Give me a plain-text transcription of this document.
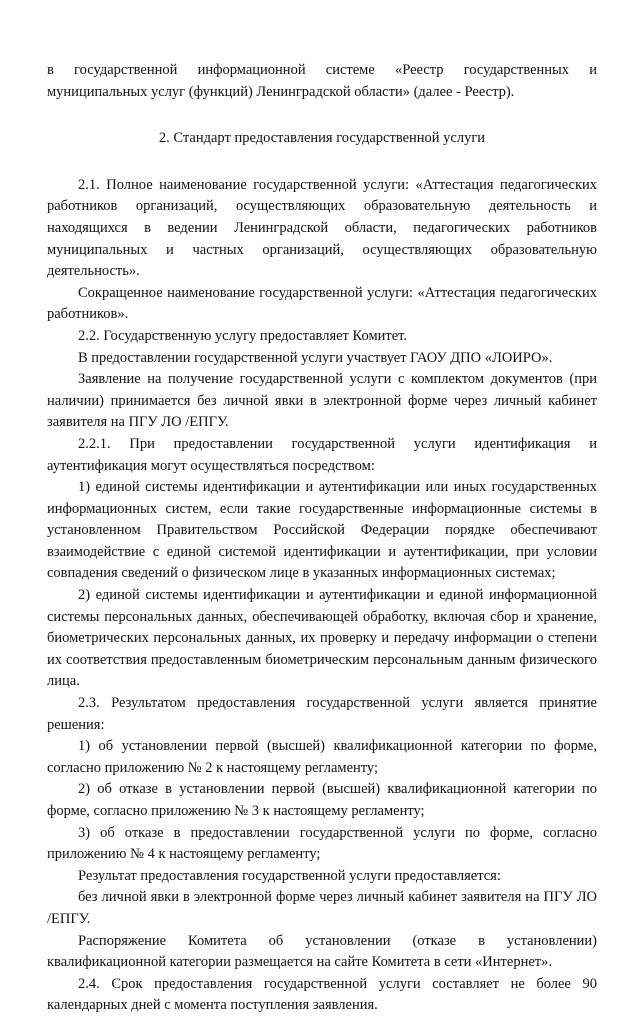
в государственной информационной системе «Реестр государственных и муниципальных услуг (функций) Ленинградской области» (далее - Реестр).

2. Стандарт предоставления государственной услуги

2.1. Полное наименование государственной услуги: «Аттестация педагогических работников организаций, осуществляющих образовательную деятельность и находящихся в ведении Ленинградской области, педагогических работников муниципальных и частных организаций, осуществляющих образовательную деятельность».

Сокращенное наименование государственной услуги: «Аттестация педагогических работников».

2.2. Государственную услугу предоставляет Комитет.

В предоставлении государственной услуги участвует ГАОУ ДПО «ЛОИРО».

Заявление на получение государственной услуги с комплектом документов (при наличии) принимается без личной явки в электронной форме через личный кабинет заявителя на ПГУ ЛО /ЕПГУ.

2.2.1. При предоставлении государственной услуги идентификация и аутентификация могут осуществляться посредством:

1) единой системы идентификации и аутентификации или иных государственных информационных систем, если такие государственные информационные системы в установленном Правительством Российской Федерации порядке обеспечивают взаимодействие с единой системой идентификации и аутентификации, при условии совпадения сведений о физическом лице в указанных информационных системах;

2) единой системы идентификации и аутентификации и единой информационной системы персональных данных, обеспечивающей обработку, включая сбор и хранение, биометрических персональных данных, их проверку и передачу информации о степени их соответствия предоставленным биометрическим персональным данным физического лица.

2.3. Результатом предоставления государственной услуги является принятие решения:

1) об установлении первой (высшей) квалификационной категории по форме, согласно приложению № 2 к настоящему регламенту;

2) об отказе в установлении первой (высшей) квалификационной категории по форме, согласно приложению № 3 к настоящему регламенту;

3) об отказе в предоставлении государственной услуги по форме, согласно приложению № 4 к настоящему регламенту;

Результат предоставления государственной услуги предоставляется:

без личной явки в электронной форме через личный кабинет заявителя на ПГУ ЛО /ЕПГУ.

Распоряжение Комитета об установлении (отказе в установлении) квалификационной категории размещается на сайте Комитета в сети «Интернет».

2.4. Срок предоставления государственной услуги составляет не более 90 календарных дней с момента поступления заявления.
